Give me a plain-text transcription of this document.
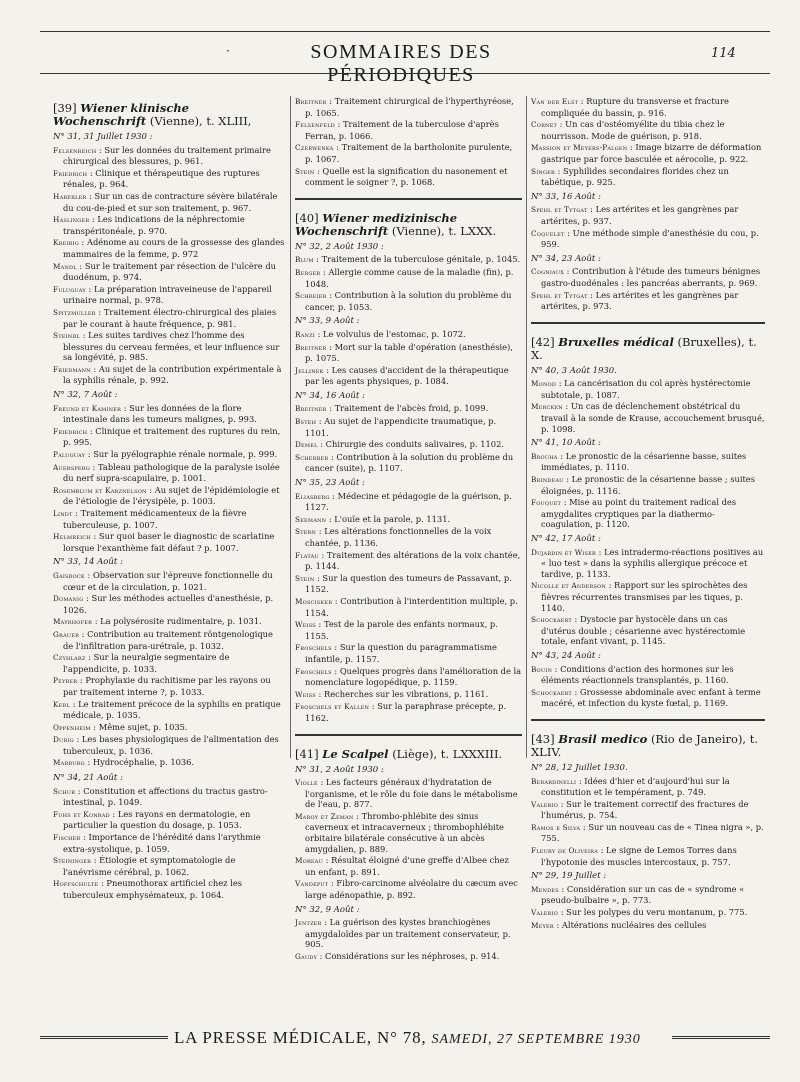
·	SOMMAIRES DES PÉRIODIQUES
114
[39] Wiener klinische Wochenschrift (Vienne), t. XLIII,
N° 31, 31 Juillet 1930 :
Felsenreich : Sur les données du traitement primaire chirurgical des blessures, p. 961.
Friedrich : Clinique et thérapeutique des ruptures rénales, p. 964.
Haberler : Sur un cas de contracture sévère bilatérale du cou-de-pied et sur son traitement, p. 967.
Haslinger : Les indications de la néphrectomie transpéritonéale, p. 970.
Kreibig : Adénome au cours de la grossesse des glandes mammaires de la femme, p. 972
Mandl : Sur le traitement par résection de l'ulcère du duodénum, p. 974.
Fuluguay : La préparation intraveineuse de l'appareil urinaire normal, p. 978.
Spitzmuller : Traitement électro-chirurgical des plaies par le courant à haute fréquence, p. 981.
Steindl : Les suites tardives chez l'homme des blessures du cerveau fermées, et leur influence sur sa longévité, p. 985.
Friedmann : Au sujet de la contribution expérimentale à la syphilis rénale, p. 992.
N° 32, 7 Août :
Freund et Kaminer : Sur les données de la flore intestinale dans les tumeurs malignes, p. 993.
Friedrich : Clinique et traitement des ruptures du rein, p. 995.
Paluguay : Sur la pyélographie rénale normale, p. 999.
Auersperg : Tableau pathologique de la paralysie isolée du nerf supra-scapulaire, p. 1001.
Rosemblum et Karznelson : Au sujet de l'épidémiologie et de l'étiologie de l'érysipèle, p. 1003.
Lindt : Traitement médicamenteux de la fièvre tuberculeuse, p. 1007.
Helmreich : Sur quoi baser le diagnostic de scarlatine lorsque l'exanthème fait défaut ? p. 1007.
N° 33, 14 Août :
Gaisbock : Observation sur l'épreuve fonctionnelle du cœur et de la circulation, p. 1021.
Domanig : Sur les méthodes actuelles d'anesthésie, p. 1026.
Mayrhofer : La polysérosite rudimentaire, p. 1031.
Grauer : Contribution au traitement röntgenologique de l'infiltration para-urétrale, p. 1032.
Czyhlarz : Sur la neuralgie segmentaire de l'appendicite, p. 1033.
Peyrer : Prophylaxie du rachitisme par les rayons ou par traitement interne ?, p. 1033.
Kerl : Le traitement précoce de la syphilis en pratique médicale, p. 1035.
Oppenheim : Même sujet, p. 1035.
Durig : Les bases physiologiques de l'alimentation des tuberculeux, p. 1036.
Mabburg : Hydrocéphalie, p. 1036.
N° 34, 21 Août :
Schur : Constitution et affections du tractus gastro-intestinal, p. 1049.
Fuhs et Konrad : Les rayons en dermatologie, en particulier la question du dosage, p. 1053.
Fischer : Importance de l'hérédité dans l'arythmie extra-systolique, p. 1059.
Steininger : Étiologie et symptomatologie de l'anévrisme cérébral, p. 1062.
Hoffschulte : Pneumothorax artificiel chez les tuberculeux emphysémateux, p. 1064.
Breitner : Traitement chirurgical de l'hyperthyréose, p. 1065.
Felsenfeld : Traitement de la tuberculose d'après Ferran, p. 1066.
Czerwenka : Traitement de la bartholonite purulente, p. 1067.
Stein : Quelle est la signification du nasonement et comment le soigner ?, p. 1068.
[40] Wiener medizinische Wochenschrift (Vienne), t. LXXX.
N° 32, 2 Août 1930 :
Blum : Traitement de la tuberculose génitale, p. 1045.
Berger : Allergie comme cause de la maladie (fin), p. 1048.
Schreier : Contribution à la solution du problème du cancer, p. 1053.
N° 33, 9 Août :
Ranzi : Le volvulus de l'estomac, p. 1072.
Breitner : Mort sur la table d'opération (anesthésie), p. 1075.
Jellinek : Les causes d'accident de la thérapeutique par les agents physiques, p. 1084.
N° 34, 16 Août :
Breitner : Traitement de l'abcès froid, p. 1099.
Bsteh : Au sujet de l'appendicite traumatique, p. 1101.
Demel : Chirurgie des conduits salivaires, p. 1102.
Scherber : Contribution à la solution du problème du cancer (suite), p. 1107.
N° 35, 23 Août :
Eliasberg : Médecine et pédagogie de la guérison, p. 1127.
Seemann : L'ouïe et la parole, p. 1131.
Stern : Les altérations fonctionnelles de la voix chantée, p. 1136.
Flatau : Traitement des altérations de la voix chantée, p. 1144.
Stein : Sur la question des tumeurs de Passavant, p. 1152.
Moscisker : Contribution à l'interdentition multiple, p. 1154.
Weiss : Test de la parole des enfants normaux, p. 1155.
Froschels : Sur la question du paragrammatisme infantile, p. 1157.
Froschels : Quelques progrès dans l'amélioration de la nomenclature logopédique, p. 1159.
Weiss : Recherches sur les vibrations, p. 1161.
Froschels et Kallen : Sur la paraphrase précepte, p. 1162.
[41] Le Scalpel (Liège), t. LXXXIII.
N° 31, 2 Août 1930 :
Viollé : Les facteurs généraux d'hydratation de l'organisme, et le rôle du foie dans le métabolisme de l'eau, p. 877.
Maroy et Zeman : Thrombo-phlébite des sinus caverneux et intracaverneux ; thrombophlébite orbitaire bilatérale consécutive à un abcès amygdalien, p. 889.
Moreau : Résultat éloigné d'une greffe d'Albee chez un enfant, p. 891.
Vandeput : Fibro-carcinome alvéolaire du cæcum avec large adénopathie, p. 892.
N° 32, 9 Août :
Jentzer : La guérison des kystes branchiogènes amygdaloïdes par un traitement conservateur, p. 905.
Gaudy : Considérations sur les néphroses, p. 914.
Van der Elst : Rupture du transverse et fracture compliquée du bassin, p. 916.
Cornet : Un cas d'ostéomyélite du tibia chez le nourrisson. Mode de guérison, p. 918.
Massion et Meyers-Palgen : Image bizarre de déformation gastrique par force basculée et aérocolie, p. 922.
Singer : Syphilides secondaires florides chez un tabétique, p. 925.
N° 33, 16 Août :
Spehl et Tytgat : Les artérites et les gangrènes par artérites, p. 937.
Coquelet : Une méthode simple d'anesthésie du cou, p. 959.
N° 34, 23 Août :
Cogniaux : Contribution à l'étude des tumeurs bénignes gastro-duodénales : les pancréas aberrants, p. 969.
Spehl et Tytgat : Les artérites et les gangrènes par artérites, p. 973.
[42] Bruxelles médical (Bruxelles), t. X.
N° 40, 3 Août 1930.
Monod : La cancérisation du col après hystérectomie subtotale, p. 1087.
Mercken : Un cas de déclenchement obstétrical du travail à la sonde de Krause, accouchement brusqué, p. 1098.
N° 41, 10 Août :
Brouha : Le pronostic de la césarienne basse, suites immédiates, p. 1110.
Brindeau : Le pronostic de la césarienne basse ; suites éloignées, p. 1116.
Fouquet : Mise au point du traitement radical des amygdalites cryptiques par la diathermo-coagulation, p. 1120.
N° 42, 17 Août :
Dujardin et Wiser : Les intradermo-réactions positives au « luo test » dans la syphilis allergique précoce et tardive, p. 1133.
Nicolle et Anderson : Rapport sur les spirochètes des fièvres récurrentes transmises par les tiques, p. 1140.
Schockaert : Dystocie par hystocèle dans un cas d'utérus double ; césarienne avec hystérectomie totale, enfant vivant, p. 1145.
N° 43, 24 Août :
Bouin : Conditions d'action des hormones sur les éléments réactionnels transplantés, p. 1160.
Schockaert : Grossesse abdominale avec enfant à terme macéré, et infection du kyste fœtal, p. 1169.
[43] Brasil medico (Rio de Janeiro), t. XLIV.
N° 28, 12 Juillet 1930.
Berardinelli : Idées d'hier et d'aujourd'hui sur la constitution et le tempérament, p. 749.
Valerio : Sur le traitement correctif des fractures de l'humérus, p. 754.
Ramos e Silva : Sur un nouveau cas de « Tinea nigra », p. 755.
Fleury de Oliveira : Le signe de Lemos Torres dans l'hypotonie des muscles intercostaux, p. 757.
N° 29, 19 Juillet :
Mendes : Considération sur un cas de « syndrome « pseudo-bulbaire », p. 773.
Valerio : Sur les polypes du veru montanum, p. 775.
Meyer : Altérations nucléaires des cellules
LA PRESSE MÉDICALE, N° 78, SAMEDI, 27 SEPTEMBRE 1930
